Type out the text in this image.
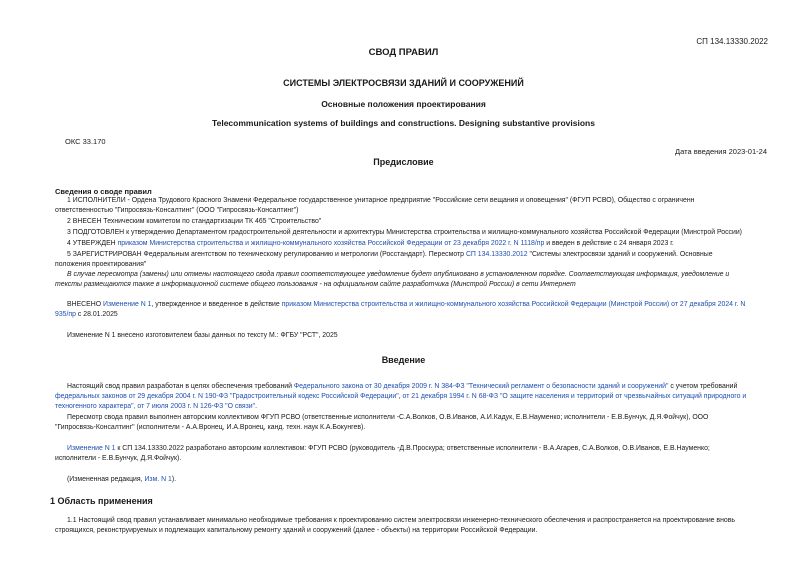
СП 134.13330.2022
СВОД ПРАВИЛ
СИСТЕМЫ ЭЛЕКТРОСВЯЗИ ЗДАНИЙ И СООРУЖЕНИЙ
Основные положения проектирования
Telecommunication systems of buildings and constructions. Designing substantive provisions
ОКС 33.170
Дата введения 2023-01-24
Предисловие
Сведения о своде правил
1 ИСПОЛНИТЕЛИ - Ордена Трудового Красного Знамени Федеральное государственное унитарное предприятие "Российские сети вещания и оповещения" (ФГУП РСВО), Общество с ограниченн
ответственностью "Гипросвязь-Консалтинг" (ООО "Гипросвязь-Консалтинг")
2 ВНЕСЕН Техническим комитетом по стандартизации ТК 465 "Строительство"
3 ПОДГОТОВЛЕН к утверждению Департаментом градостроительной деятельности и архитектуры Министерства строительства и жилищно-коммунального хозяйства Российской Федерации (Минстрой России)
4 УТВЕРЖДЕН приказом Министерства строительства и жилищно-коммунального хозяйства Российской Федерации от 23 декабря 2022 г. N 1118/пр и введен в действие с 24 января 2023 г.
5 ЗАРЕГИСТРИРОВАН Федеральным агентством по техническому регулированию и метрологии (Росстандарт). Пересмотр СП 134.13330.2012 "Системы электросвязи зданий и сооружений. Основные
положения проектирования"
В случае пересмотра (замены) или отмены настоящего свода правил соответствующее уведомление будет опубликовано в установленном порядке. Соответствующая информация, уведомление и
тексты размещаются также в информационной системе общего пользования - на официальном сайте разработчика (Минстрой России) в сети Интернет
ВНЕСЕНО Изменение N 1, утвержденное и введенное в действие приказом Министерства строительства и жилищно-коммунального хозяйства Российской Федерации (Минстрой России) от 27 декабря 2024 г. N
935/пр с 28.01.2025
Изменение N 1 внесено изготовителем базы данных по тексту М.: ФГБУ "РСТ", 2025
Введение
Настоящий свод правил разработан в целях обеспечения требований Федерального закона от 30 декабря 2009 г. N 384-ФЗ "Технический регламент о безопасности зданий и сооружений" с учетом требований
федеральных законов от 29 декабря 2004 г. N 190-ФЗ "Градостроительный кодекс Российской Федерации", от 21 декабря 1994 г. N 68-ФЗ "О защите населения и территорий от чрезвычайных ситуаций природного и
техногенного характера", от 7 июля 2003 г. N 126-ФЗ "О связи".
Пересмотр свода правил выполнен авторским коллективом ФГУП РСВО (ответственные исполнители -С.А.Волков, О.В.Иванов, А.И.Кадук, Е.В.Науменко; исполнители - Е.В.Бунчук, Д.Я.Фойчук), ООО
"Гипросвязь-Консалтинг" (исполнители - А.А.Вронец, И.А.Вронец, канд. техн. наук К.А.Бокунгев).
Изменение N 1 к СП 134.13330.2022 разработано авторским коллективом: ФГУП РСВО (руководитель -Д.В.Проскура; ответственные исполнители - В.А.Агарев, С.А.Волков, О.В.Иванов, Е.В.Науменко;
исполнители - Е.В.Бунчук, Д.Я.Фойчук).
(Измененная редакция, Изм. N 1).
1 Область применения
1.1 Настоящий свод правил устанавливает минимально необходимые требования к проектированию систем электросвязи инженерно-технического обеспечения и распространяется на проектирование вновь
строящихся, реконструируемых и подлежащих капитальному ремонту зданий и сооружений (далее - объекты) на территории Российской Федерации.
